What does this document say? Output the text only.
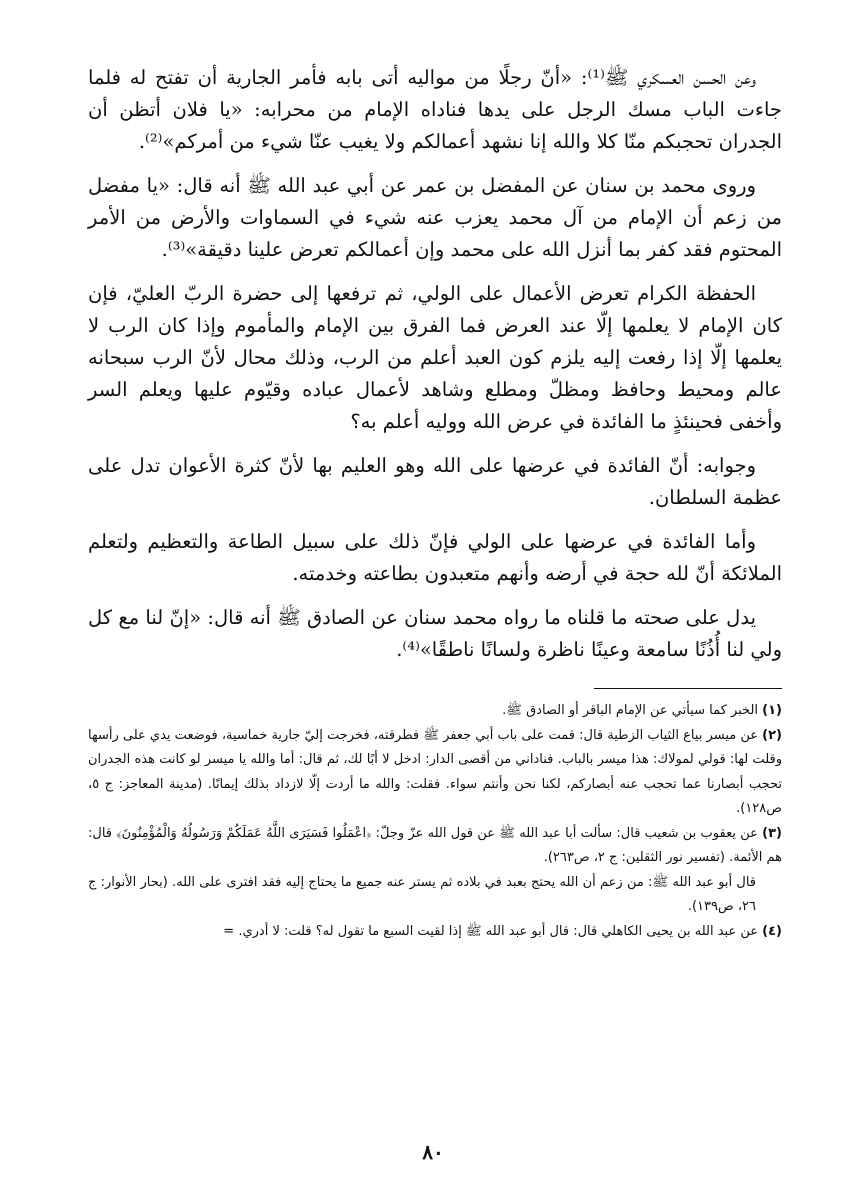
وعن الحسن العسكري ﷺ⁽¹⁾: «أنّ رجلًا من مواليه أتى بابه فأمر الجارية أن تفتح له فلما جاءت الباب مسك الرجل على يدها فناداه الإمام من محرابه: «يا فلان أتظن أن الجدران تحجبكم منّا كلا والله إنا نشهد أعمالكم ولا يغيب عنّا شيء من أمركم»⁽²⁾.

وروى محمد بن سنان عن المفضل بن عمر عن أبي عبد الله ﷺ أنه قال: «يا مفضل من زعم أن الإمام من آل محمد يعزب عنه شيء في السماوات والأرض من الأمر المحتوم فقد كفر بما أنزل الله على محمد وإن أعمالكم تعرض علينا دقيقة»⁽³⁾.

الحفظة الكرام تعرض الأعمال على الولي، ثم ترفعها إلى حضرة الربّ العليّ، فإن كان الإمام لا يعلمها إلّا عند العرض فما الفرق بين الإمام والمأموم وإذا كان الرب لا يعلمها إلّا إذا رفعت إليه يلزم كون العبد أعلم من الرب، وذلك محال لأنّ الرب سبحانه عالم ومحيط وحافظ ومظلّ ومطلع وشاهد لأعمال عباده وقيّوم عليها ويعلم السر وأخفى فحينئذٍ ما الفائدة في عرض الله ووليه أعلم به؟

وجوابه: أنّ الفائدة في عرضها على الله وهو العليم بها لأنّ كثرة الأعوان تدل على عظمة السلطان.

وأما الفائدة في عرضها على الولي فإنّ ذلك على سبيل الطاعة والتعظيم ولتعلم الملائكة أنّ لله حجة في أرضه وأنهم متعبدون بطاعته وخدمته.

يدل على صحته ما قلناه ما رواه محمد سنان عن الصادق ﷺ أنه قال: «إنّ لنا مع كل ولي لنا أُذُنًا سامعة وعينًا ناظرة ولسانًا ناطقًا»⁽⁴⁾.

(١) الخبر كما سيأتي عن الإمام الباقر أو الصادق ﷺ.

(٢) عن ميسر بياع الثياب الزطية قال: قمت على باب أبي جعفر ﷺ فطرقته، فخرجت إليّ جارية خماسية، فوضعت يدي على رأسها وقلت لها: قولي لمولاك: هذا ميسر بالباب. فناداني من أقصى الدار: ادخل لا أبًا لك، ثم قال: أما والله يا ميسر لو كانت هذه الجدران تحجب أبصارنا عما تحجب عنه أبصاركم، لكنا نحن وأنتم سواء. فقلت: والله ما أردت إلّا لازداد بذلك إيمانًا. (مدينة المعاجز: ج ٥، ص١٢٨).

(٣) عن يعقوب بن شعيب قال: سألت أبا عبد الله ﷺ عن قول الله عزّ وجلّ: ﴿اعْمَلُوا فَسَيَرَى اللَّهُ عَمَلَكُمْ وَرَسُولُهُ وَالْمُؤْمِنُونَ﴾ قال: هم الأئمة. (تفسير نور الثقلين: ج ٢، ص٢٦٣).

قال أبو عبد الله ﷺ: من زعم أن الله يحتج بعبد في بلاده ثم يستر عنه جميع ما يحتاج إليه فقد افترى على الله. (بحار الأنوار: ج ٢٦، ص١٣٩).

(٤) عن عبد الله بن يحيى الكاهلي قال: قال أبو عبد الله ﷺ إذا لقيت السبع ما تقول له؟ قلت: لا أدري. =

٨٠
